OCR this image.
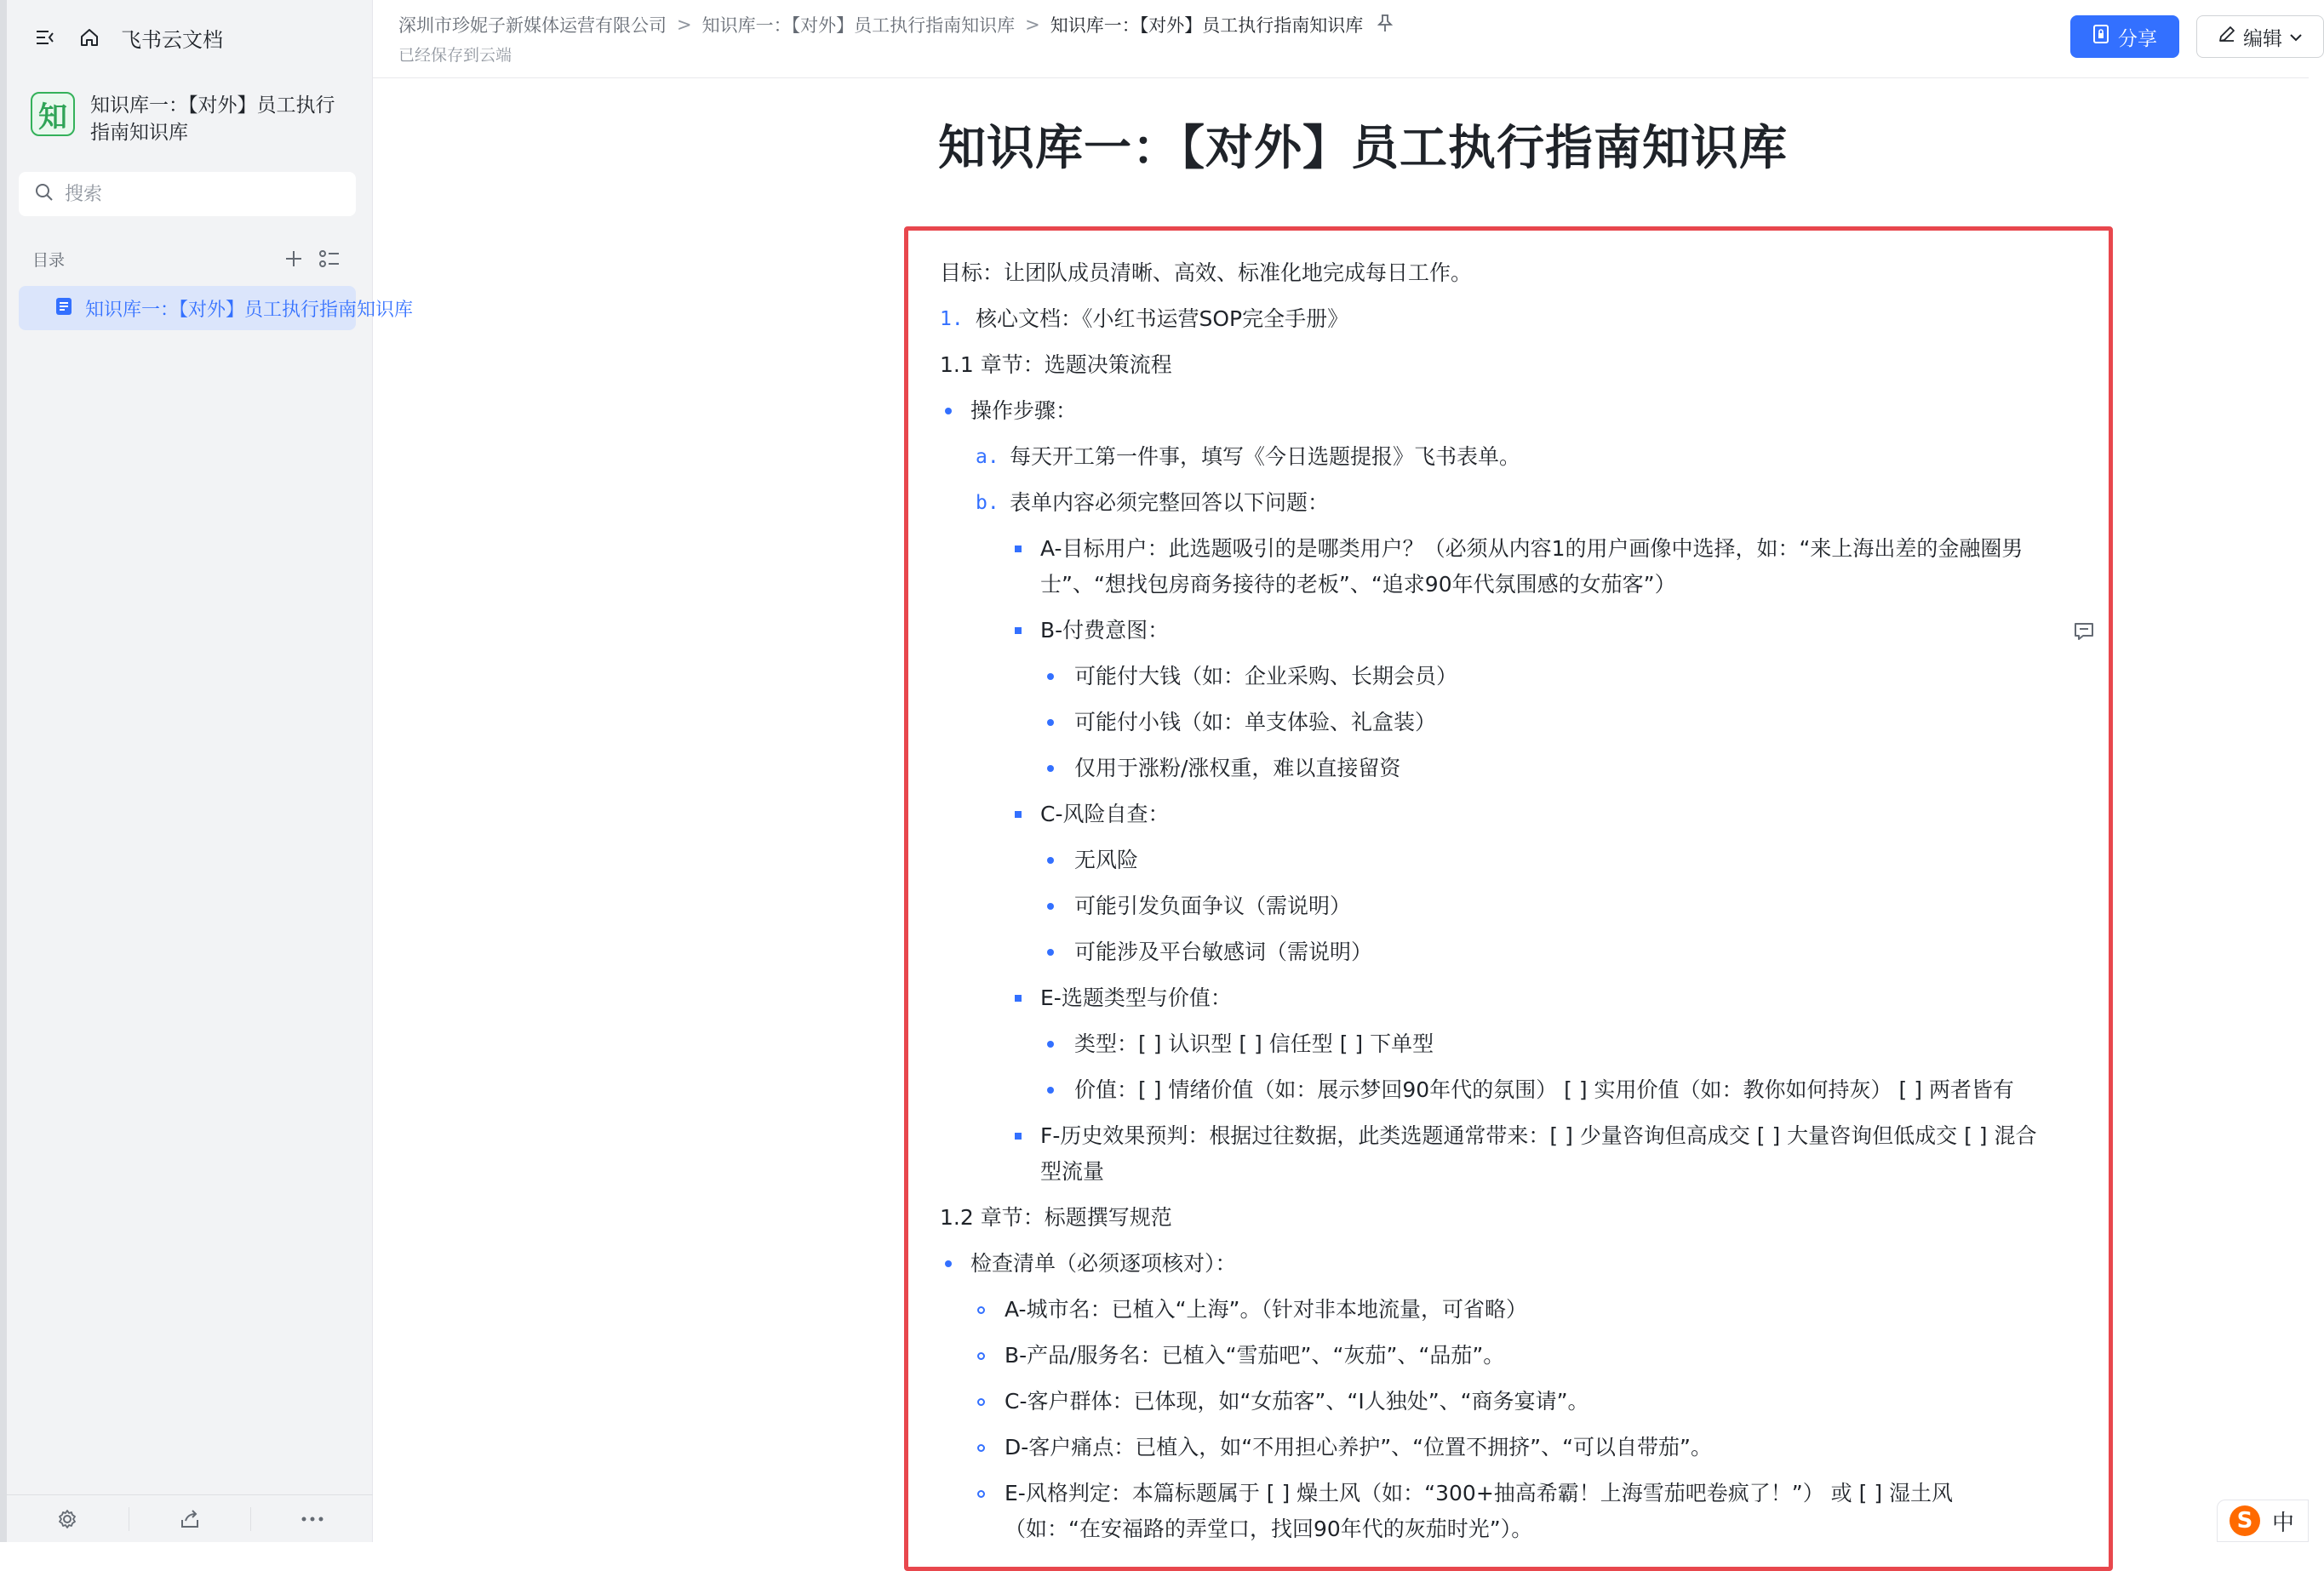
飞书云文档
知	知识库一：【对外】员工执行指南知识库
搜索
目录
知识库一：【对外】员工执行指南知识库
深圳市珍妮子新媒体运营有限公司 > 知识库一：【对外】员工执行指南知识库 > 知识库一：【对外】员工执行指南知识库
已经保存到云端
分享	编辑
知识库一：【对外】员工执行指南知识库
目标：让团队成员清晰、高效、标准化地完成每日工作。
1. 核心文档：《小红书运营SOP完全手册》
1.1 章节：选题决策流程
操作步骤：
a. 每天开工第一件事，填写《今日选题提报》飞书表单。
b. 表单内容必须完整回答以下问题：
A-目标用户：此选题吸引的是哪类用户？（必须从内容1的用户画像中选择，如：“来上海出差的金融圈男士”、“想找包房商务接待的老板”、“追求90年代氛围感的女茄客”）
B-付费意图：
可能付大钱（如：企业采购、长期会员）
可能付小钱（如：单支体验、礼盒装）
仅用于涨粉/涨权重，难以直接留资
C-风险自查：
无风险
可能引发负面争议（需说明）
可能涉及平台敏感词（需说明）
E-选题类型与价值：
类型：[ ] 认识型 [ ] 信任型 [ ] 下单型
价值：[ ] 情绪价值（如：展示梦回90年代的氛围） [ ] 实用价值（如：教你如何持灰） [ ] 两者皆有
F-历史效果预判：根据过往数据，此类选题通常带来：[ ] 少量咨询但高成交 [ ] 大量咨询但低成交 [ ] 混合型流量
1.2 章节：标题撰写规范
检查清单（必须逐项核对）：
A-城市名：已植入“上海”。（针对非本地流量，可省略）
B-产品/服务名：已植入“雪茄吧”、“灰茄”、“品茄”。
C-客户群体：已体现，如“女茄客”、“I人独处”、“商务宴请”。
D-客户痛点：已植入，如“不用担心养护”、“位置不拥挤”、“可以自带茄”。
E-风格判定：本篇标题属于 [ ] 燥土风（如：“300+抽高希霸！上海雪茄吧卷疯了！”） 或 [ ] 湿土风（如：“在安福路的弄堂口，找回90年代的灰茄时光”）。	S 中
